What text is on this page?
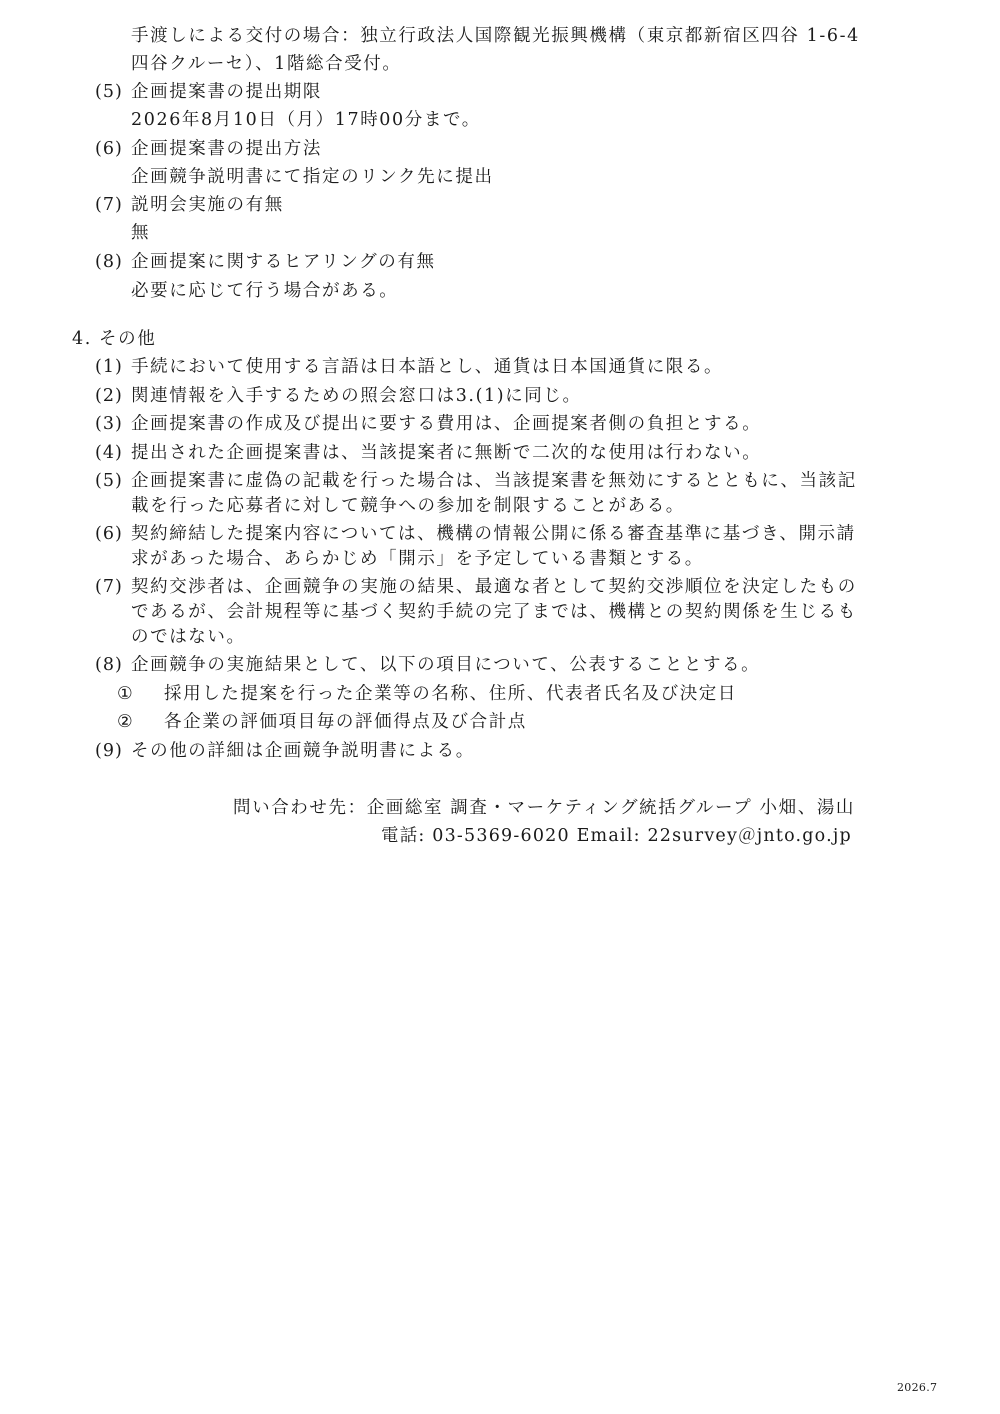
手渡しによる交付の場合：独立行政法人国際観光振興機構（東京都新宿区四谷 1-6-4
四谷クルーセ）、1階総合受付。
(5) 企画提案書の提出期限
2026年8月10日（月）17時00分まで。
(6) 企画提案書の提出方法
企画競争説明書にて指定のリンク先に提出
(7) 説明会実施の有無
無
(8) 企画提案に関するヒアリングの有無
必要に応じて行う場合がある。
4. その他
(1) 手続において使用する言語は日本語とし、通貨は日本国通貨に限る。
(2) 関連情報を入手するための照会窓口は3.(1)に同じ。
(3) 企画提案書の作成及び提出に要する費用は、企画提案者側の負担とする。
(4) 提出された企画提案書は、当該提案者に無断で二次的な使用は行わない。
(5) 企画提案書に虚偽の記載を行った場合は、当該提案書を無効にするとともに、当該記
載を行った応募者に対して競争への参加を制限することがある。
(6) 契約締結した提案内容については、機構の情報公開に係る審査基準に基づき、開示請
求があった場合、あらかじめ「開示」を予定している書類とする。
(7) 契約交渉者は、企画競争の実施の結果、最適な者として契約交渉順位を決定したもの
であるが、会計規程等に基づく契約手続の完了までは、機構との契約関係を生じるも
のではない。
(8) 企画競争の実施結果として、以下の項目について、公表することとする。
① 採用した提案を行った企業等の名称、住所、代表者氏名及び決定日
② 各企業の評価項目毎の評価得点及び合計点
(9) その他の詳細は企画競争説明書による。
問い合わせ先：企画総室 調査・マーケティング統括グループ 小畑、湯山
電話: 03-5369-6020 Email: 22survey＠jnto.go.jp
2026.7
